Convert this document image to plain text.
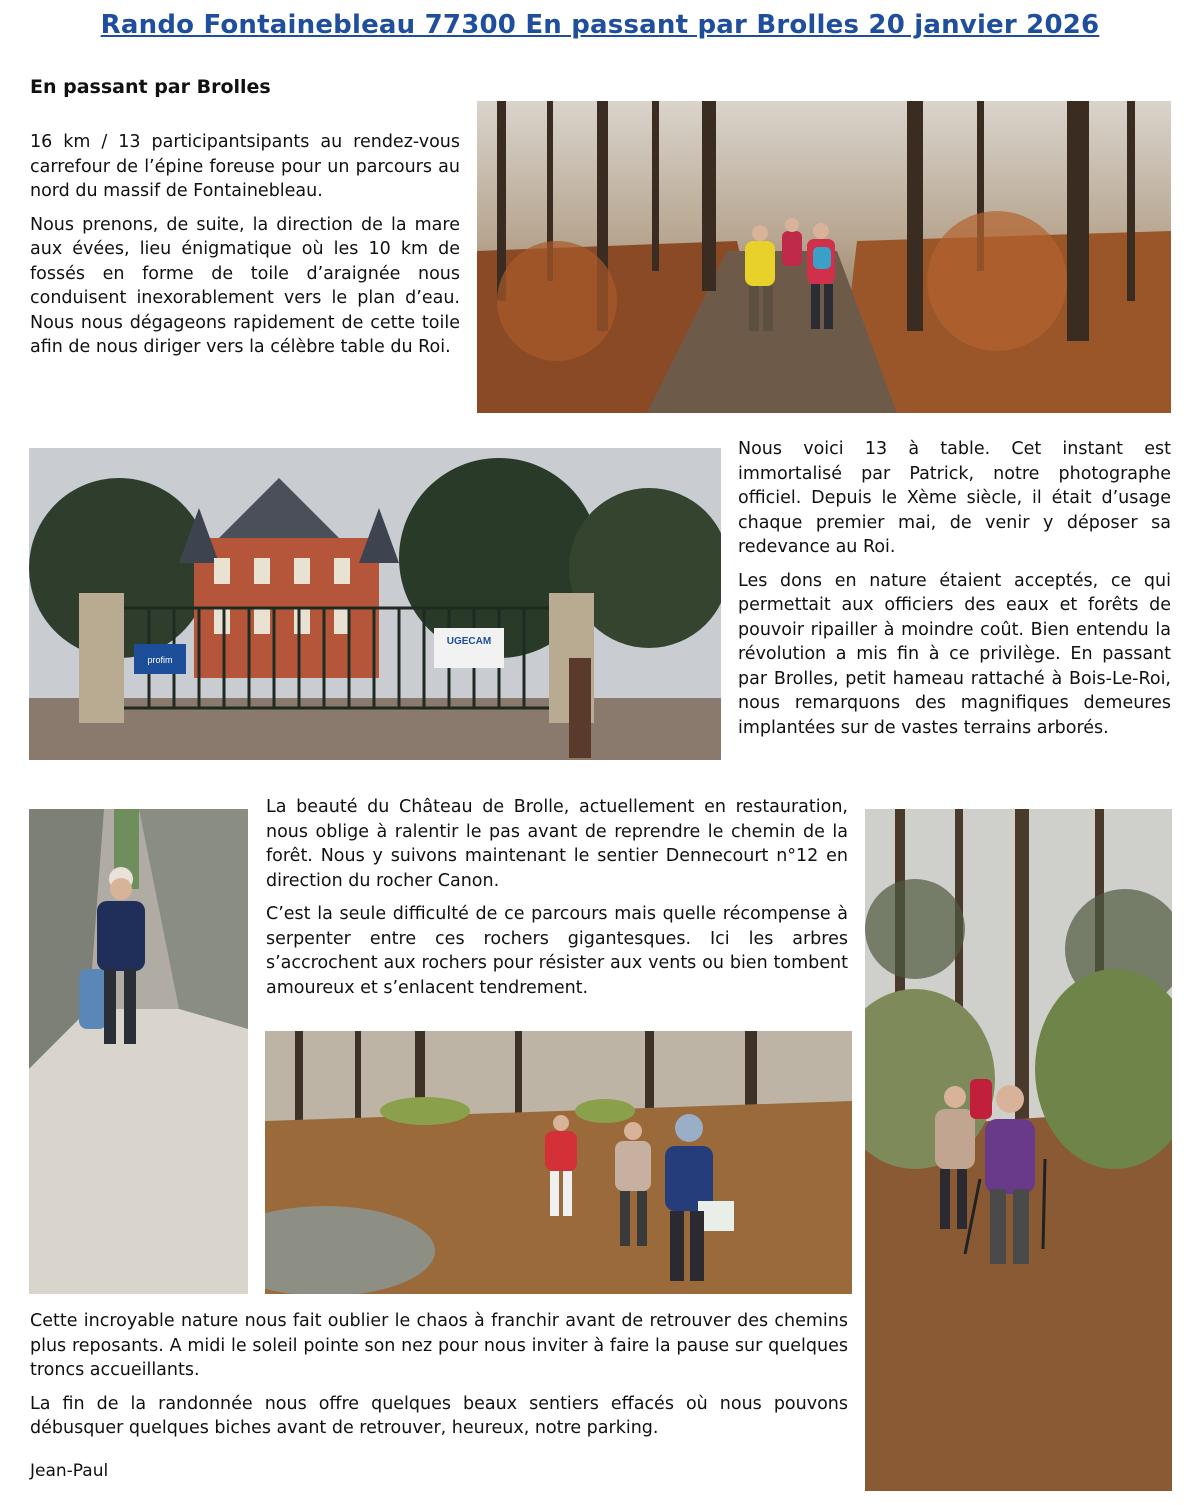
Rando Fontainebleau 77300 En passant par Brolles 20 janvier 2026
En passant par Brolles

16 km / 13 participantsipants au rendez-vous carrefour de l’épine foreuse pour un parcours au nord du massif de Fontainebleau.

Nous prenons, de suite, la direction de la mare aux évées, lieu énigmatique où les 10 km de fossés en forme de toile d’araignée nous conduisent inexorablement vers le plan d’eau. Nous nous dégageons rapidement de cette toile afin de nous diriger vers la célèbre table du Roi.

profim
UGECAM

Nous voici 13 à table. Cet instant est immortalisé par Patrick, notre photographe officiel. Depuis le Xème siècle, il était d’usage chaque premier mai, de venir y déposer sa redevance au Roi.

Les dons en nature étaient acceptés, ce qui permettait aux officiers des eaux et forêts de pouvoir ripailler à moindre coût. Bien entendu la révolution a mis fin à ce privilège. En passant par Brolles, petit hameau rattaché à Bois-Le-Roi, nous remarquons des magnifiques demeures implantées sur de vastes terrains arborés.

La beauté du Château de Brolle, actuellement en restauration, nous oblige à ralentir le pas avant de reprendre le chemin de la forêt. Nous y suivons maintenant le sentier Dennecourt n°12 en direction du rocher Canon.

C’est la seule difficulté de ce parcours mais quelle récompense à serpenter entre ces rochers gigantesques. Ici les arbres s’accrochent aux rochers pour résister aux vents ou bien tombent amoureux et s’enlacent tendrement.

Cette incroyable nature nous fait oublier le chaos à franchir avant de retrouver des chemins plus reposants. A midi le soleil pointe son nez pour nous inviter à faire la pause sur quelques troncs accueillants.

La fin de la randonnée nous offre quelques beaux sentiers effacés où nous pouvons débusquer quelques biches avant de retrouver, heureux, notre parking.

Jean-Paul
